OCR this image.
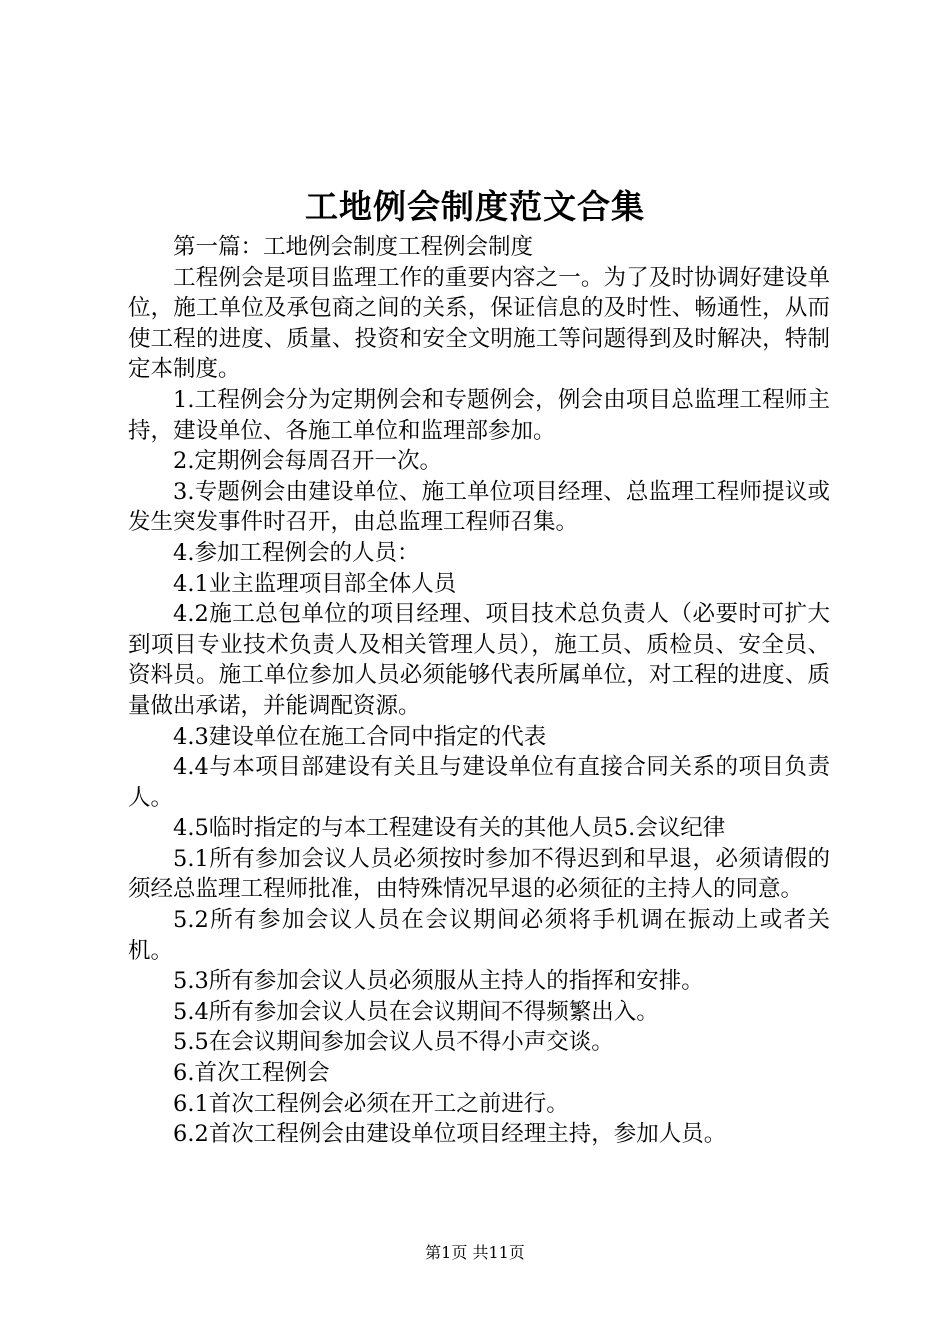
工地例会制度范文合集

第一篇：工地例会制度工程例会制度

工程例会是项目监理工作的重要内容之一。为了及时协调好建设单位，施工单位及承包商之间的关系，保证信息的及时性、畅通性，从而使工程的进度、质量、投资和安全文明施工等问题得到及时解决，特制定本制度。

1.工程例会分为定期例会和专题例会，例会由项目总监理工程师主持，建设单位、各施工单位和监理部参加。

2.定期例会每周召开一次。

3.专题例会由建设单位、施工单位项目经理、总监理工程师提议或发生突发事件时召开，由总监理工程师召集。

4.参加工程例会的人员：

4.1业主监理项目部全体人员

4.2施工总包单位的项目经理、项目技术总负责人（必要时可扩大到项目专业技术负责人及相关管理人员），施工员、质检员、安全员、资料员。施工单位参加人员必须能够代表所属单位，对工程的进度、质量做出承诺，并能调配资源。

4.3建设单位在施工合同中指定的代表

4.4与本项目部建设有关且与建设单位有直接合同关系的项目负责人。

4.5临时指定的与本工程建设有关的其他人员5.会议纪律

5.1所有参加会议人员必须按时参加不得迟到和早退，必须请假的须经总监理工程师批准，由特殊情况早退的必须征的主持人的同意。

5.2所有参加会议人员在会议期间必须将手机调在振动上或者关机。

5.3所有参加会议人员必须服从主持人的指挥和安排。

5.4所有参加会议人员在会议期间不得频繁出入。

5.5在会议期间参加会议人员不得小声交谈。

6.首次工程例会

6.1首次工程例会必须在开工之前进行。

6.2首次工程例会由建设单位项目经理主持，参加人员。

第1页 共11页
